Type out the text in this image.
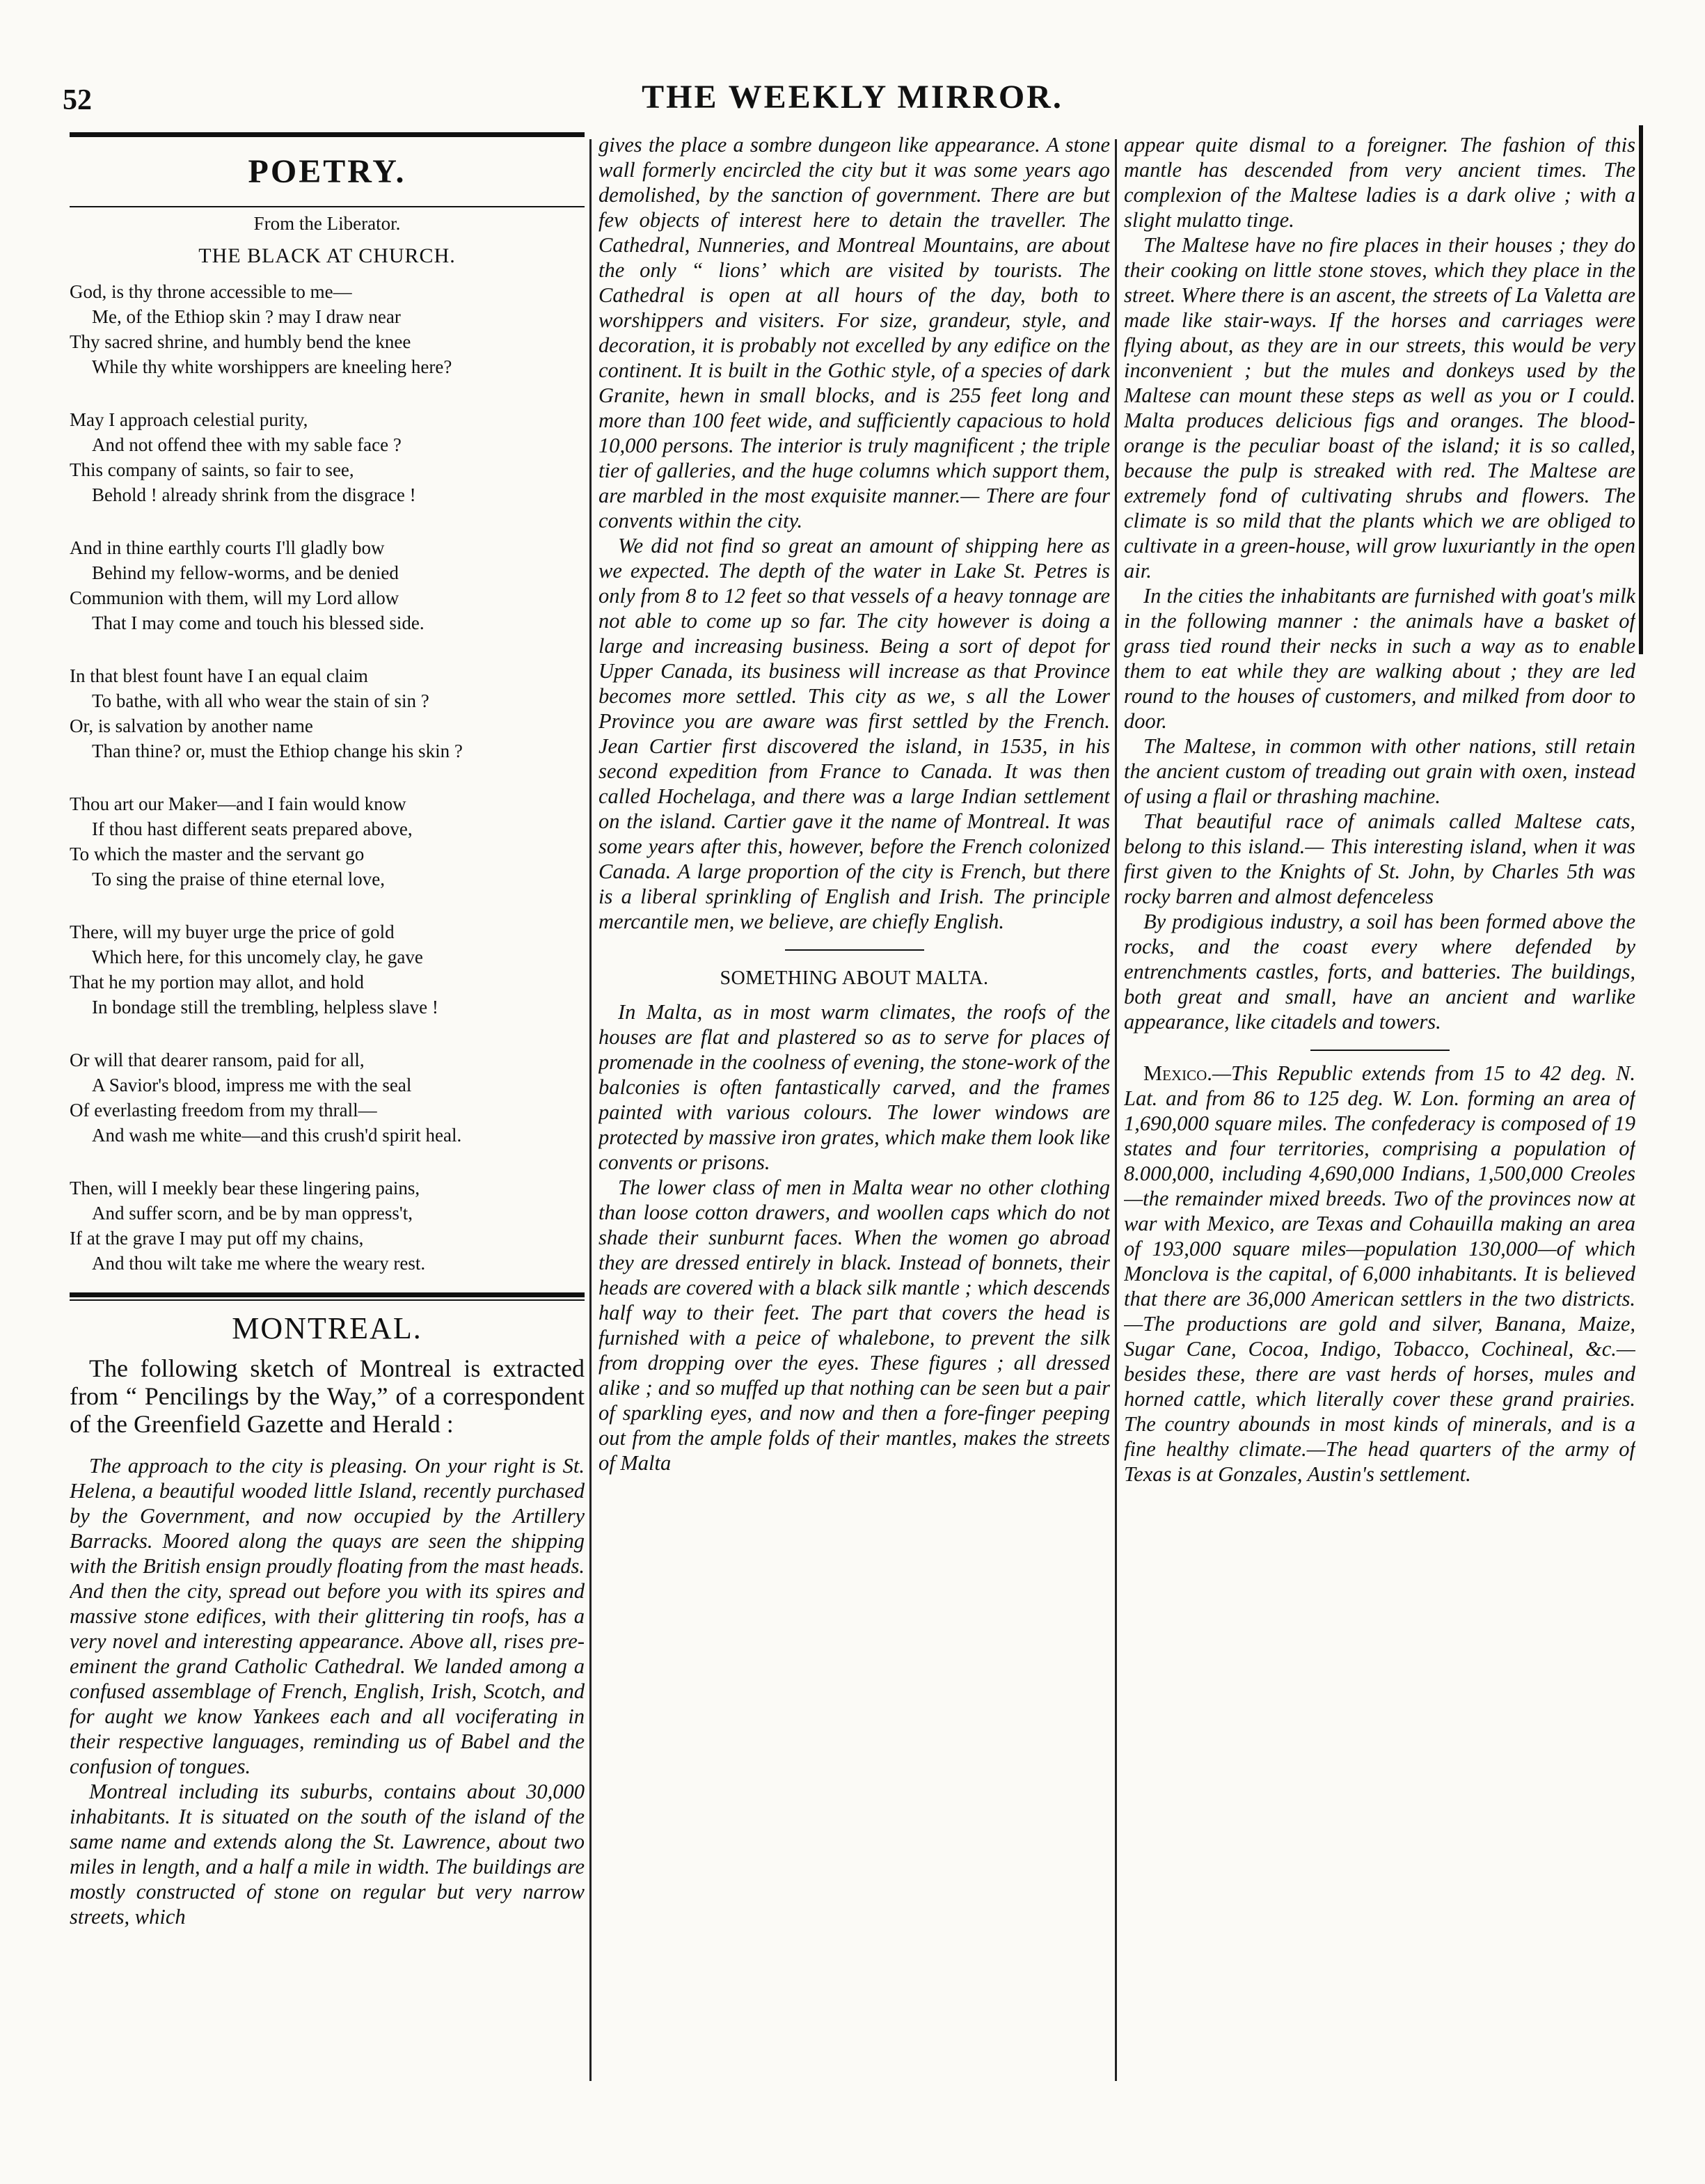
52	THE WEEKLY MIRROR.
POETRY.
From the Liberator.
THE BLACK AT CHURCH.
God, is thy throne accessible to me—
Me, of the Ethiop skin ? may I draw near
Thy sacred shrine, and humbly bend the knee
While thy white worshippers are kneeling here?
May I approach celestial purity,
And not offend thee with my sable face ?
This company of saints, so fair to see,
Behold ! already shrink from the disgrace !
And in thine earthly courts I'll gladly bow
Behind my fellow-worms, and be denied
Communion with them, will my Lord allow
That I may come and touch his blessed side.
In that blest fount have I an equal claim
To bathe, with all who wear the stain of sin ?
Or, is salvation by another name
Than thine? or, must the Ethiop change his skin ?
Thou art our Maker—and I fain would know
If thou hast different seats prepared above,
To which the master and the servant go
To sing the praise of thine eternal love,
There, will my buyer urge the price of gold
Which here, for this uncomely clay, he gave
That he my portion may allot, and hold
In bondage still the trembling, helpless slave !
Or will that dearer ransom, paid for all,
A Savior's blood, impress me with the seal
Of everlasting freedom from my thrall—
And wash me white—and this crush'd spirit heal.
Then, will I meekly bear these lingering pains,
And suffer scorn, and be by man oppress't,
If at the grave I may put off my chains,
And thou wilt take me where the weary rest.
MONTREAL.

The following sketch of Montreal is extracted from “ Pencilings by the Way,” of a correspondent of the Greenfield Gazette and Herald :

The approach to the city is pleasing. On your right is St. Helena, a beautiful wooded little Island, recently purchased by the Government, and now occupied by the Artillery Barracks. Moored along the quays are seen the shipping with the British ensign proudly floating from the mast heads. And then the city, spread out before you with its spires and massive stone edifices, with their glittering tin roofs, has a very novel and interesting appearance. Above all, rises pre-eminent the grand Catholic Cathedral. We landed among a confused assemblage of French, English, Irish, Scotch, and for aught we know Yankees each and all vociferating in their respective languages, reminding us of Babel and the confusion of tongues.

Montreal including its suburbs, contains about 30,000 inhabitants. It is situated on the south of the island of the same name and extends along the St. Lawrence, about two miles in length, and a half a mile in width. The buildings are mostly constructed of stone on regular but very narrow streets, which

gives the place a sombre dungeon like appearance. A stone wall formerly encircled the city but it was some years ago demolished, by the sanction of government. There are but few objects of interest here to detain the traveller. The Cathedral, Nunneries, and Montreal Mountains, are about the only “ lions’ which are visited by tourists. The Cathedral is open at all hours of the day, both to worshippers and visiters. For size, grandeur, style, and decoration, it is probably not excelled by any edifice on the continent. It is built in the Gothic style, of a species of dark Granite, hewn in small blocks, and is 255 feet long and more than 100 feet wide, and sufficiently capacious to hold 10,000 persons. The interior is truly magnificent ; the triple tier of galleries, and the huge columns which support them, are marbled in the most exquisite manner.— There are four convents within the city.

We did not find so great an amount of shipping here as we expected. The depth of the water in Lake St. Petres is only from 8 to 12 feet so that vessels of a heavy tonnage are not able to come up so far. The city however is doing a large and increasing business. Being a sort of depot for Upper Canada, its business will increase as that Province becomes more settled. This city as we, s all the Lower Province you are aware was first settled by the French. Jean Cartier first discovered the island, in 1535, in his second expedition from France to Canada. It was then called Hochelaga, and there was a large Indian settlement on the island. Cartier gave it the name of Montreal. It was some years after this, however, before the French colonized Canada. A large proportion of the city is French, but there is a liberal sprinkling of English and Irish. The principle mercantile men, we believe, are chiefly English.

SOMETHING ABOUT MALTA.

In Malta, as in most warm climates, the roofs of the houses are flat and plastered so as to serve for places of promenade in the coolness of evening, the stone-work of the balconies is often fantastically carved, and the frames painted with various colours. The lower windows are protected by massive iron grates, which make them look like convents or prisons.

The lower class of men in Malta wear no other clothing than loose cotton drawers, and woollen caps which do not shade their sunburnt faces. When the women go abroad they are dressed entirely in black. Instead of bonnets, their heads are covered with a black silk mantle ; which descends half way to their feet. The part that covers the head is furnished with a peice of whalebone, to prevent the silk from dropping over the eyes. These figures ; all dressed alike ; and so muffed up that nothing can be seen but a pair of sparkling eyes, and now and then a fore-finger peeping out from the ample folds of their mantles, makes the streets of Malta

appear quite dismal to a foreigner. The fashion of this mantle has descended from very ancient times. The complexion of the Maltese ladies is a dark olive ; with a slight mulatto tinge.

The Maltese have no fire places in their houses ; they do their cooking on little stone stoves, which they place in the street. Where there is an ascent, the streets of La Valetta are made like stair-ways. If the horses and carriages were flying about, as they are in our streets, this would be very inconvenient ; but the mules and donkeys used by the Maltese can mount these steps as well as you or I could. Malta produces delicious figs and oranges. The blood-orange is the peculiar boast of the island; it is so called, because the pulp is streaked with red. The Maltese are extremely fond of cultivating shrubs and flowers. The climate is so mild that the plants which we are obliged to cultivate in a green-house, will grow luxuriantly in the open air.

In the cities the inhabitants are furnished with goat's milk in the following manner : the animals have a basket of grass tied round their necks in such a way as to enable them to eat while they are walking about ; they are led round to the houses of customers, and milked from door to door.

The Maltese, in common with other nations, still retain the ancient custom of treading out grain with oxen, instead of using a flail or thrashing machine.

That beautiful race of animals called Maltese cats, belong to this island.— This interesting island, when it was first given to the Knights of St. John, by Charles 5th was rocky barren and almost defenceless

By prodigious industry, a soil has been formed above the rocks, and the coast every where defended by entrenchments castles, forts, and batteries. The buildings, both great and small, have an ancient and warlike appearance, like citadels and towers.

Mexico.—This Republic extends from 15 to 42 deg. N. Lat. and from 86 to 125 deg. W. Lon. forming an area of 1,690,000 square miles. The confederacy is composed of 19 states and four territories, comprising a population of 8.000,000, including 4,690,000 Indians, 1,500,000 Creoles—the remainder mixed breeds. Two of the provinces now at war with Mexico, are Texas and Cohauilla making an area of 193,000 square miles—population 130,000—of which Monclova is the capital, of 6,000 inhabitants. It is believed that there are 36,000 American settlers in the two districts.—The productions are gold and silver, Banana, Maize, Sugar Cane, Cocoa, Indigo, Tobacco, Cochineal, &c.—besides these, there are vast herds of horses, mules and horned cattle, which literally cover these grand prairies. The country abounds in most kinds of minerals, and is a fine healthy climate.—The head quarters of the army of Texas is at Gonzales, Austin's settlement.
